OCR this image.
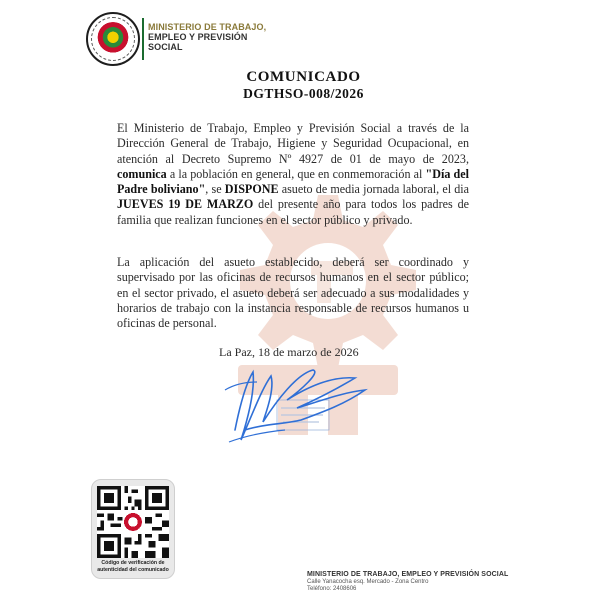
MINISTERIO DE TRABAJO,
EMPLEO Y PREVISIÓN
SOCIAL
COMUNICADO
DGTHSO-008/2026
El Ministerio de Trabajo, Empleo y Previsión Social a través de la Dirección General de Trabajo, Higiene y Seguridad Ocupacional, en atención al Decreto Supremo Nº 4927 de 01 de mayo de 2023, comunica a la población en general, que en conmemoración al "Día del Padre boliviano", se DISPONE asueto de media jornada laboral, el dia JUEVES 19 DE MARZO del presente año para todos los padres de familia que realizan funciones en el sector público y privado.
La aplicación del asueto establecido, deberá ser coordinado y supervisado por las oficinas de recursos humanos en el sector público; en el sector privado, el asueto deberá ser adecuado a sus modalidades y horarios de trabajo con la instancia responsable de recursos humanos u oficinas de personal.
La Paz, 18 de marzo de 2026
Código de verificación de
autenticidad del comunicado
MINISTERIO DE TRABAJO, EMPLEO Y PREVISIÓN SOCIAL
Calle Yanacocha esq. Mercado - Zona Centro
Teléfono: 2408606
